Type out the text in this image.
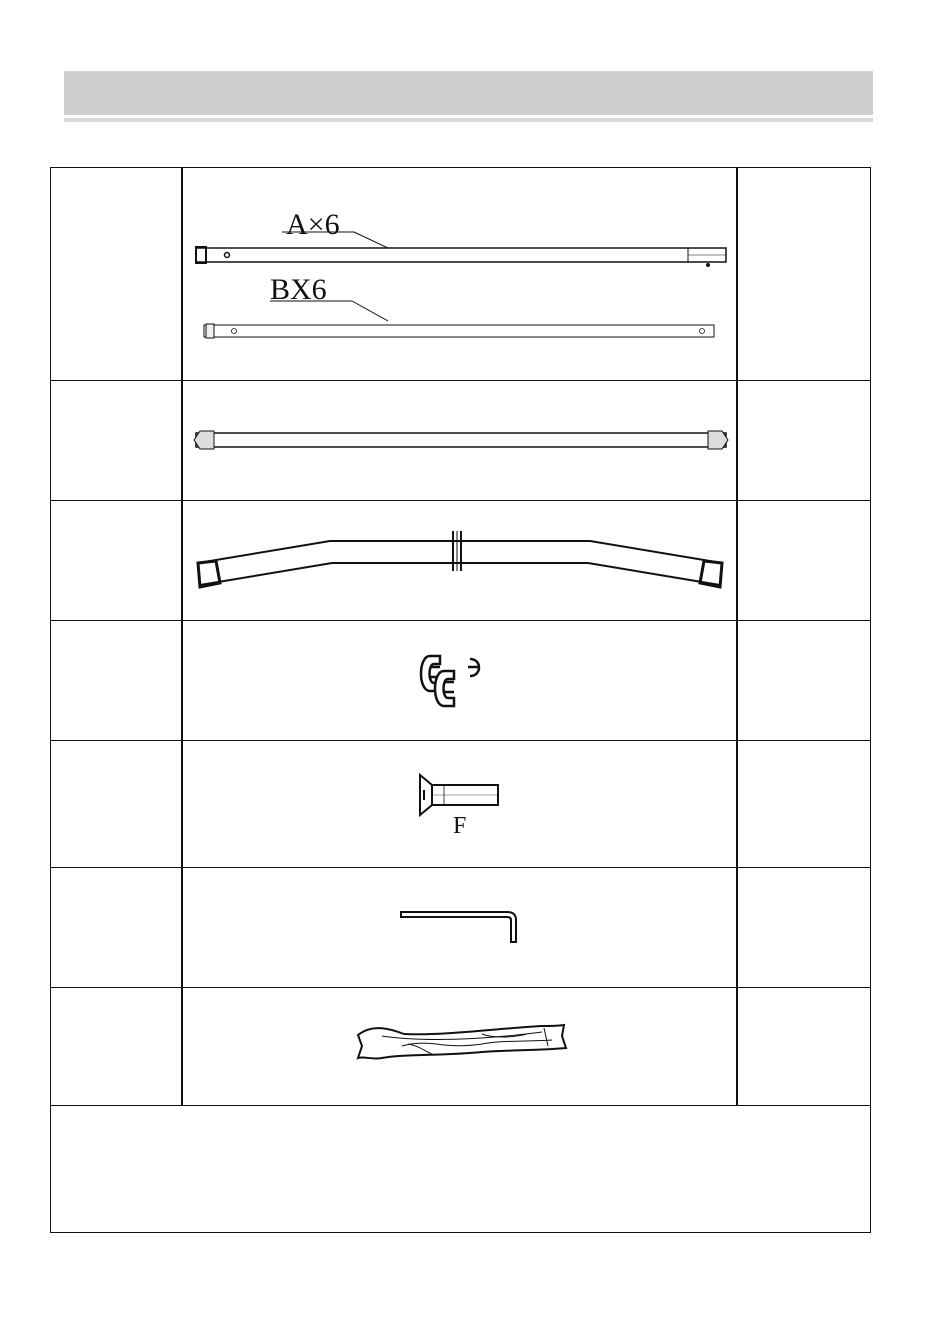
A×6
BX6
F
